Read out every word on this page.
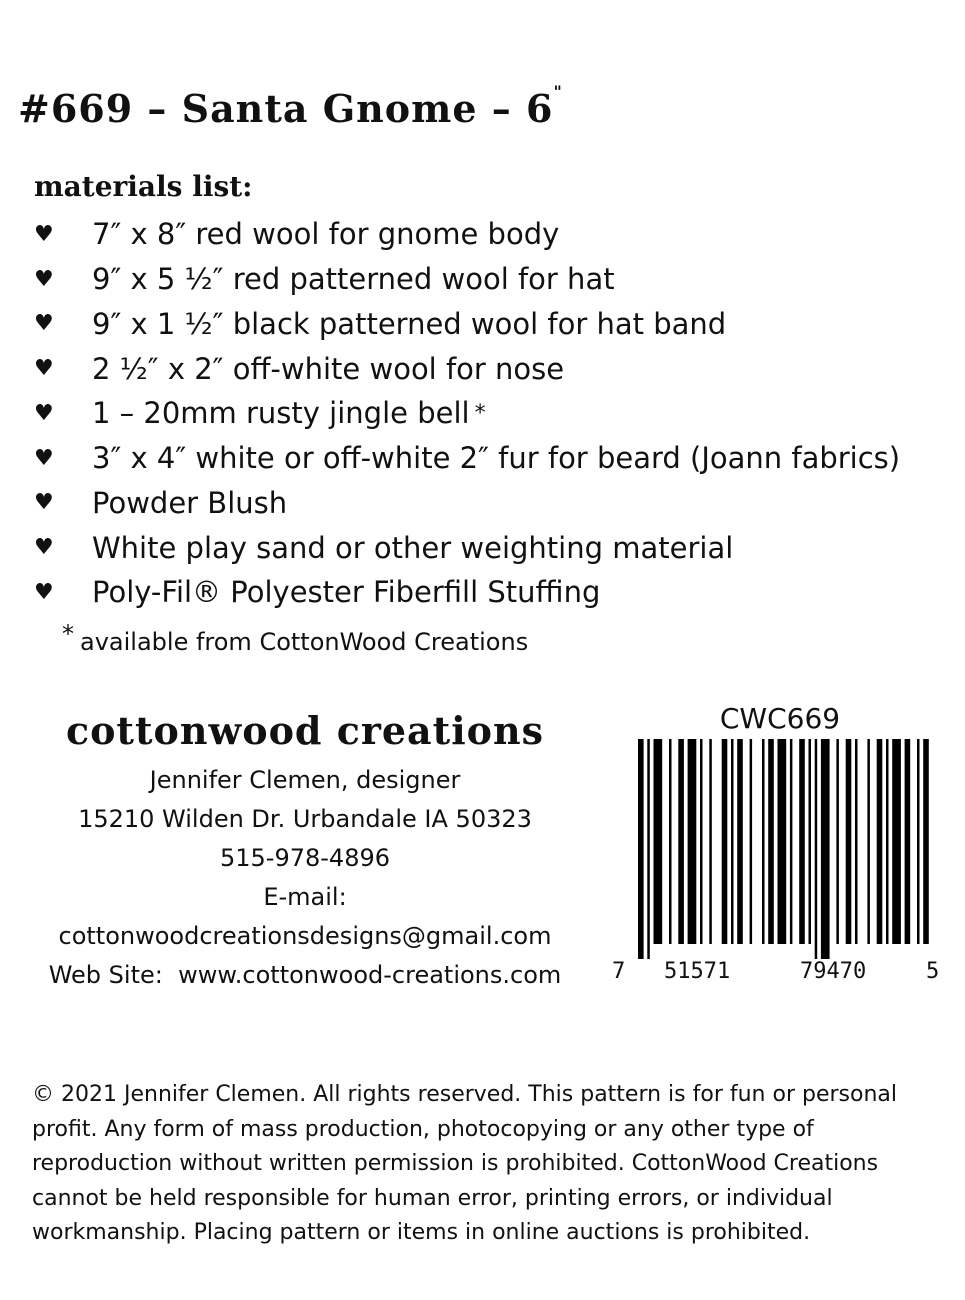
#669 – Santa Gnome – 6"
materials list:
♥	7″ x 8″ red wool for gnome body
♥	9″ x 5 ½″ red patterned wool for hat
♥	9″ x 1 ½″ black patterned wool for hat band
♥	2 ½″ x 2″ off-white wool for nose
♥	1 – 20mm rusty jingle bell
*
♥	3″ x 4″ white or off-white 2″ fur for beard (Joann fabrics)
♥	Powder Blush
♥	White play sand or other weighting material
♥	Poly-Fil® Polyester Fiberfill Stuffing
* available from CottonWood Creations
cottonwood creations
Jennifer Clemen, designer
15210 Wilden Dr. Urbandale IA 50323
515-978-4896
E-mail:
cottonwoodcreationsdesigns@gmail.com
Web Site: www.cottonwood-creations.com
CWC669
7 51571	79470	5
© 2021 Jennifer Clemen. All rights reserved. This pattern is for fun or personal profit. Any form of mass production, photocopying or any other type of reproduction without written permission is prohibited. CottonWood Creations cannot be held responsible for human error, printing errors, or individual workmanship. Placing pattern or items in online auctions is prohibited.
